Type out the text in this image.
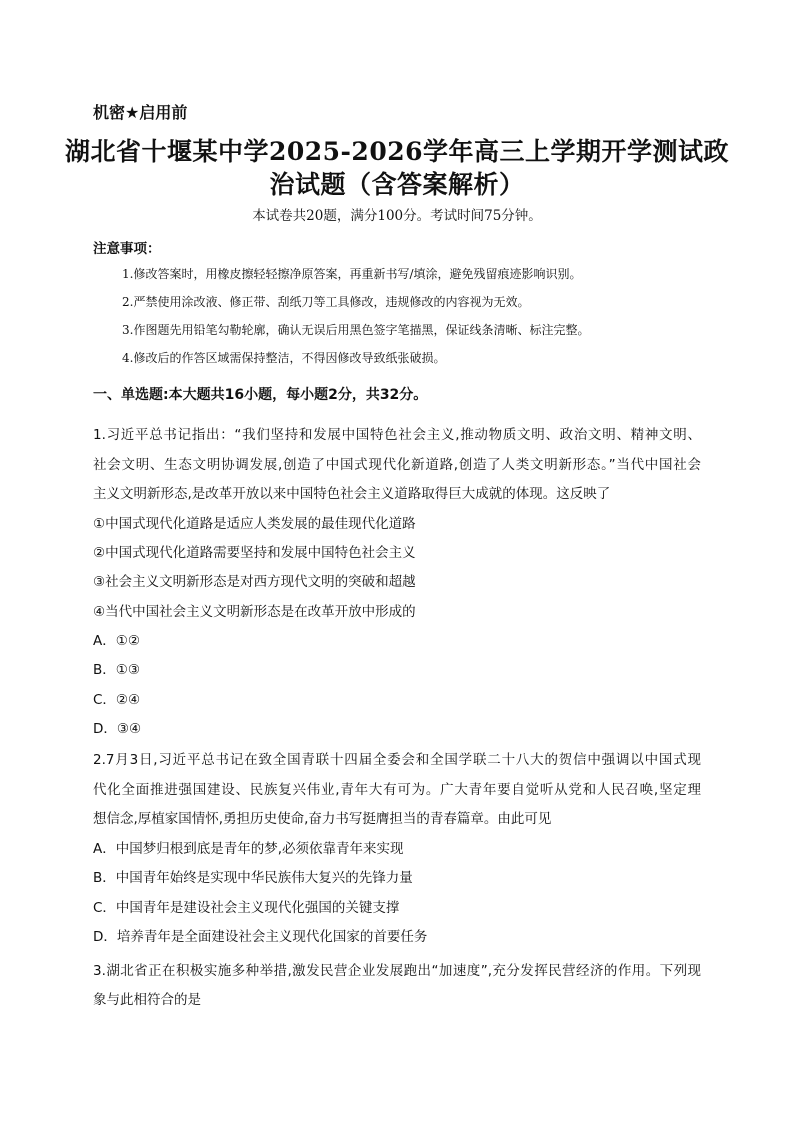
机密★启用前
湖北省十堰某中学2025-2026学年高三上学期开学测试政
治试题（含答案解析）
本试卷共20题，满分100分。考试时间75分钟。
注意事项：
1.修改答案时，用橡皮擦轻轻擦净原答案，再重新书写/填涂，避免残留痕迹影响识别。
2.严禁使用涂改液、修正带、刮纸刀等工具修改，违规修改的内容视为无效。
3.作图题先用铅笔勾勒轮廓，确认无误后用黑色签字笔描黑，保证线条清晰、标注完整。
4.修改后的作答区域需保持整洁，不得因修改导致纸张破损。
一、单选题:本大题共16小题，每小题2分，共32分。
1.习近平总书记指出：“我们坚持和发展中国特色社会主义,推动物质文明、政治文明、精神文明、
社会文明、生态文明协调发展,创造了中国式现代化新道路,创造了人类文明新形态。”当代中国社会
主义文明新形态,是改革开放以来中国特色社会主义道路取得巨大成就的体现。这反映了
①中国式现代化道路是适应人类发展的最佳现代化道路
②中国式现代化道路需要坚持和发展中国特色社会主义
③社会主义文明新形态是对西方现代文明的突破和超越
④当代中国社会主义文明新形态是在改革开放中形成的
A．①②
B．①③
C．②④
D．③④
2.7月3日,习近平总书记在致全国青联十四届全委会和全国学联二十八大的贺信中强调以中国式现
代化全面推进强国建设、民族复兴伟业,青年大有可为。广大青年要自觉听从党和人民召唤,坚定理
想信念,厚植家国情怀,勇担历史使命,奋力书写挺膺担当的青春篇章。由此可见
A．中国梦归根到底是青年的梦,必须依靠青年来实现
B．中国青年始终是实现中华民族伟大复兴的先锋力量
C．中国青年是建设社会主义现代化强国的关键支撑
D．培养青年是全面建设社会主义现代化国家的首要任务
3.湖北省正在积极实施多种举措,激发民营企业发展跑出“加速度”,充分发挥民营经济的作用。下列现
象与此相符合的是
